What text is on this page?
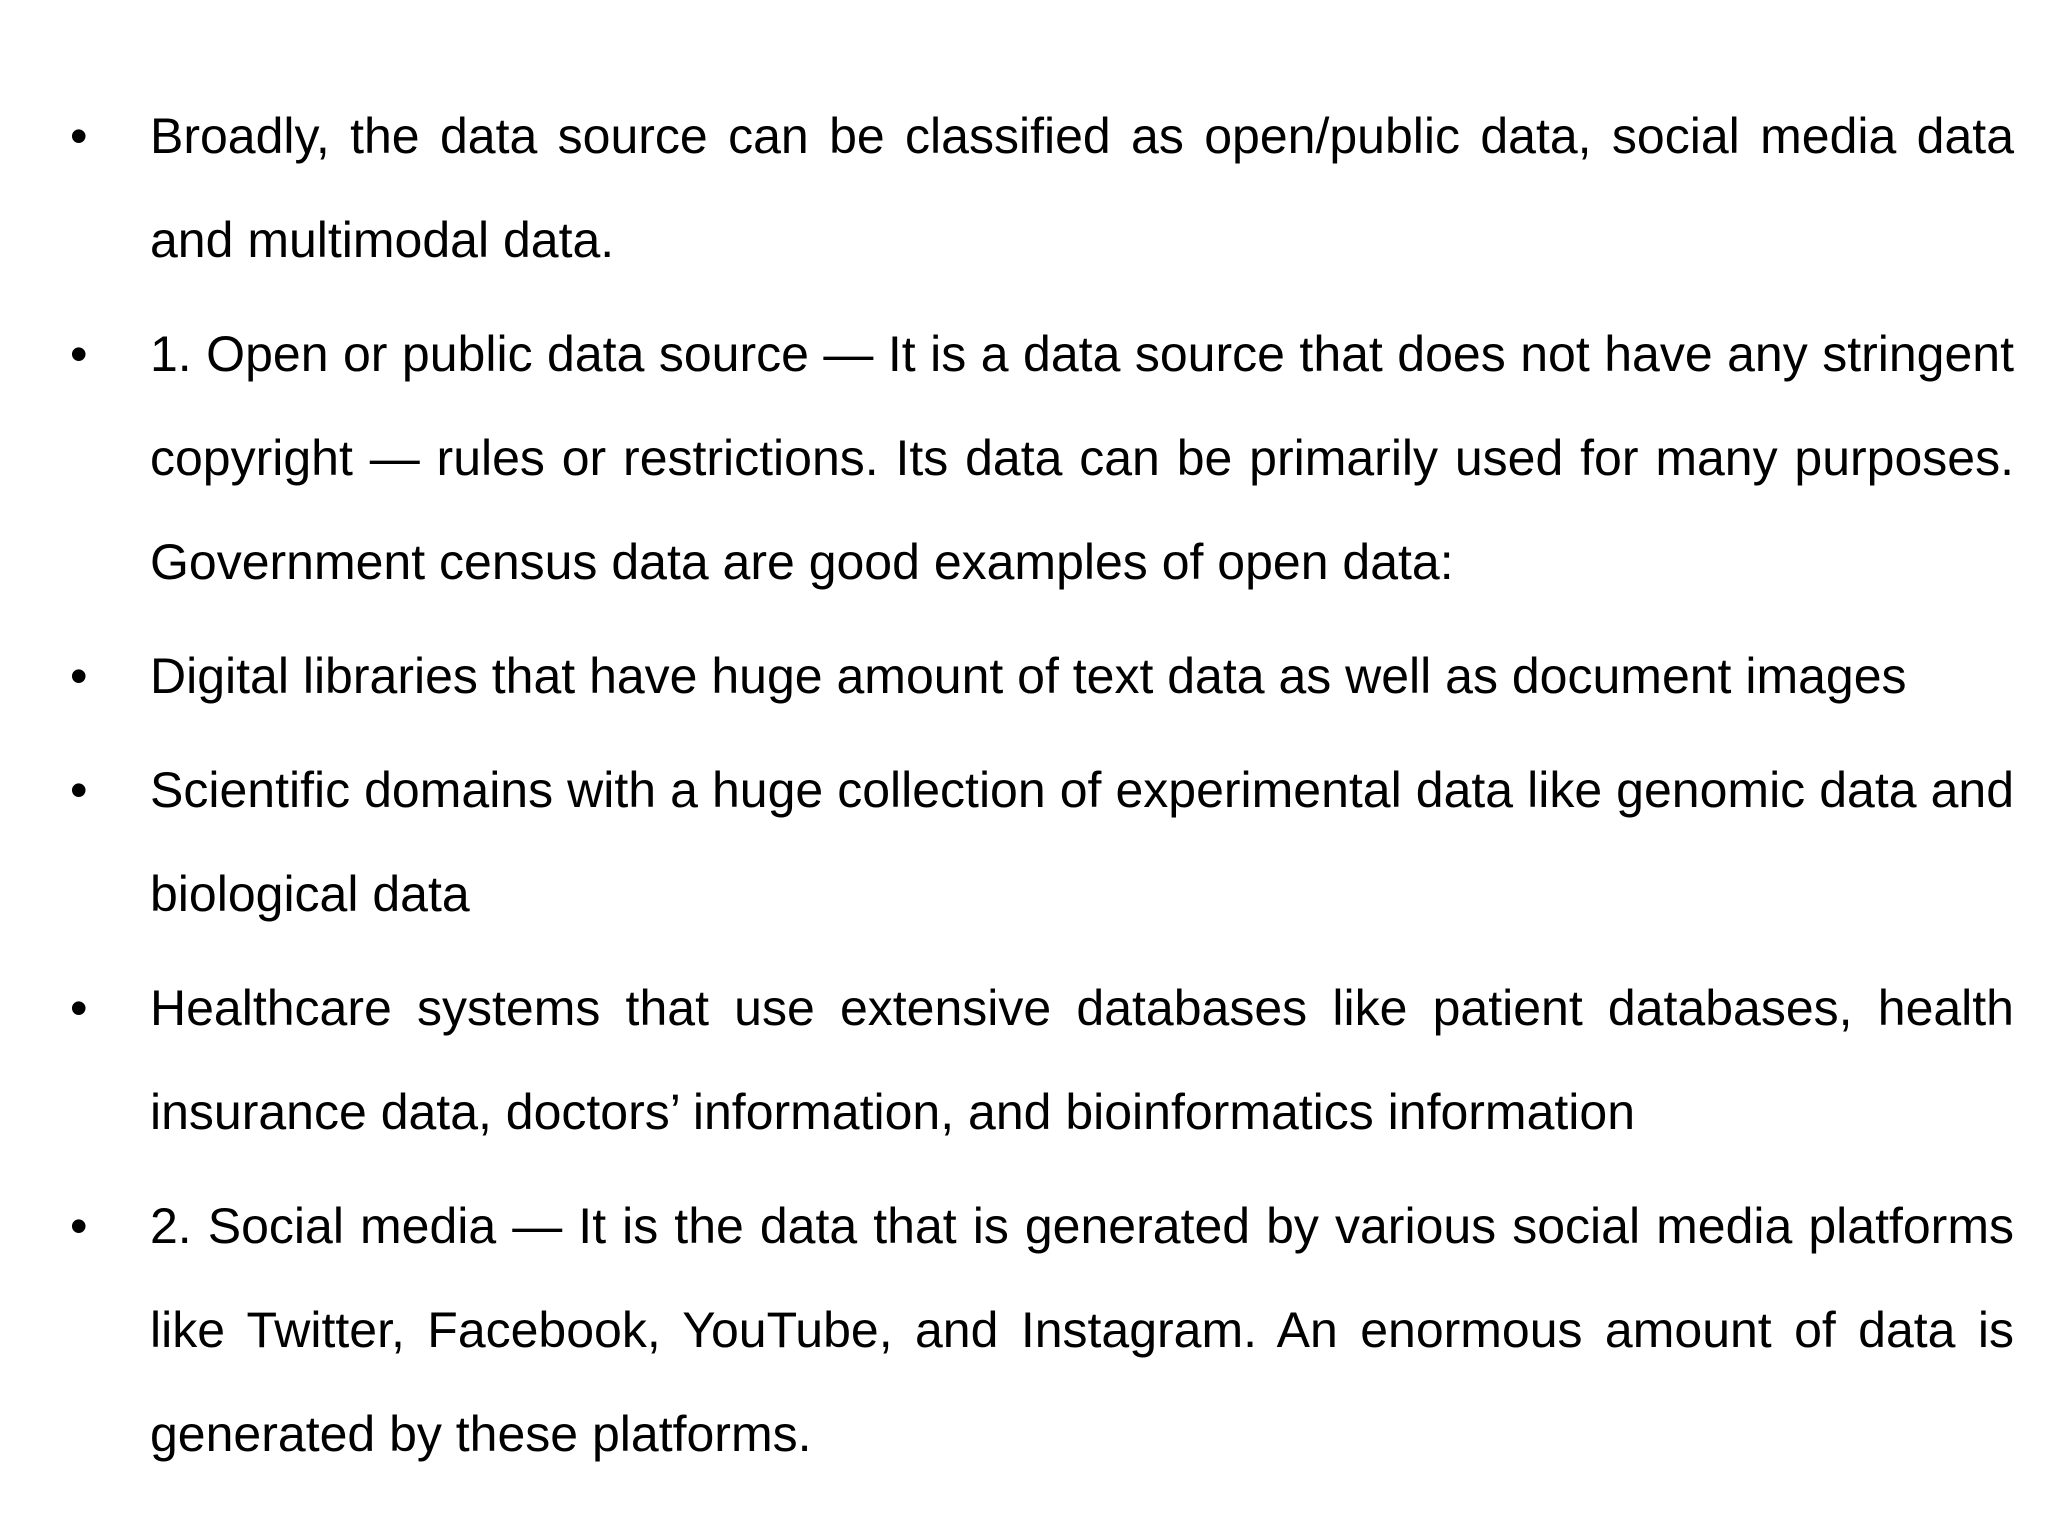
•	Broadly, the data source can be classified as open/public data, social media data and multimodal data.
•	1. Open or public data source — It is a data source that does not have any stringent copyright — rules or restrictions. Its data can be primarily used for many purposes. Government census data are good examples of open data:
•	Digital libraries that have huge amount of text data as well as document images
•	Scientific domains with a huge collection of experimental data like genomic data and biological data
•	Healthcare systems that use extensive databases like patient databases, health insurance data, doctors’ information, and bioinformatics information
•	2. Social media — It is the data that is generated by various social media platforms like Twitter, Facebook, YouTube, and Instagram. An enormous amount of data is generated by these platforms.
